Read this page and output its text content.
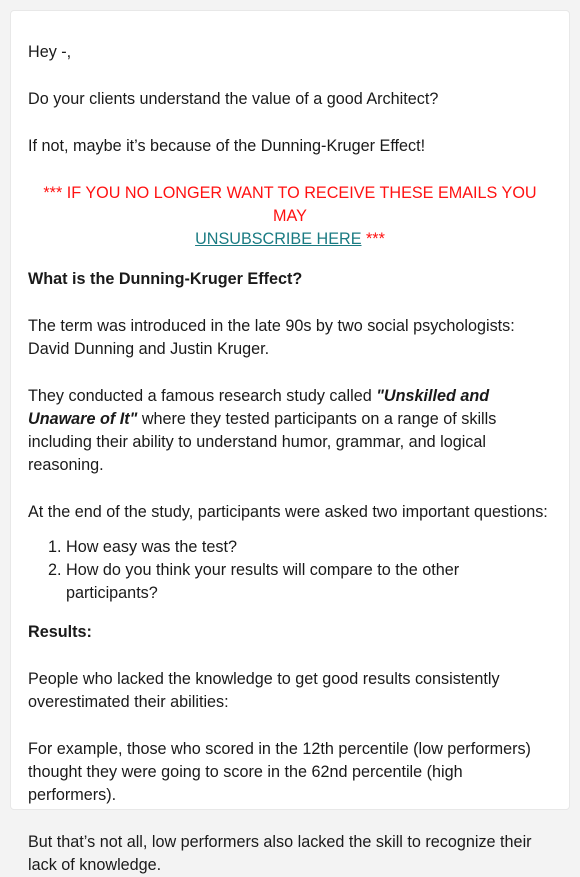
Hey -,

Do your clients understand the value of a good Architect?

If not, maybe it’s because of the Dunning-Kruger Effect!

*** IF YOU NO LONGER WANT TO RECEIVE THESE EMAILS YOU MAY
UNSUBSCRIBE HERE ***

What is the Dunning-Kruger Effect?

The term was introduced in the late 90s by two social psychologists: David Dunning and Justin Kruger.

They conducted a famous research study called "Unskilled and Unaware of It" where they tested participants on a range of skills including their ability to understand humor, grammar, and logical reasoning.

At the end of the study, participants were asked two important questions:

1. How easy was the test?
2. How do you think your results will compare to the other participants?

Results:

People who lacked the knowledge to get good results consistently overestimated their abilities:

For example, those who scored in the 12th percentile (low performers) thought they were going to score in the 62nd percentile (high performers).

But that’s not all, low performers also lacked the skill to recognize their lack of knowledge.
